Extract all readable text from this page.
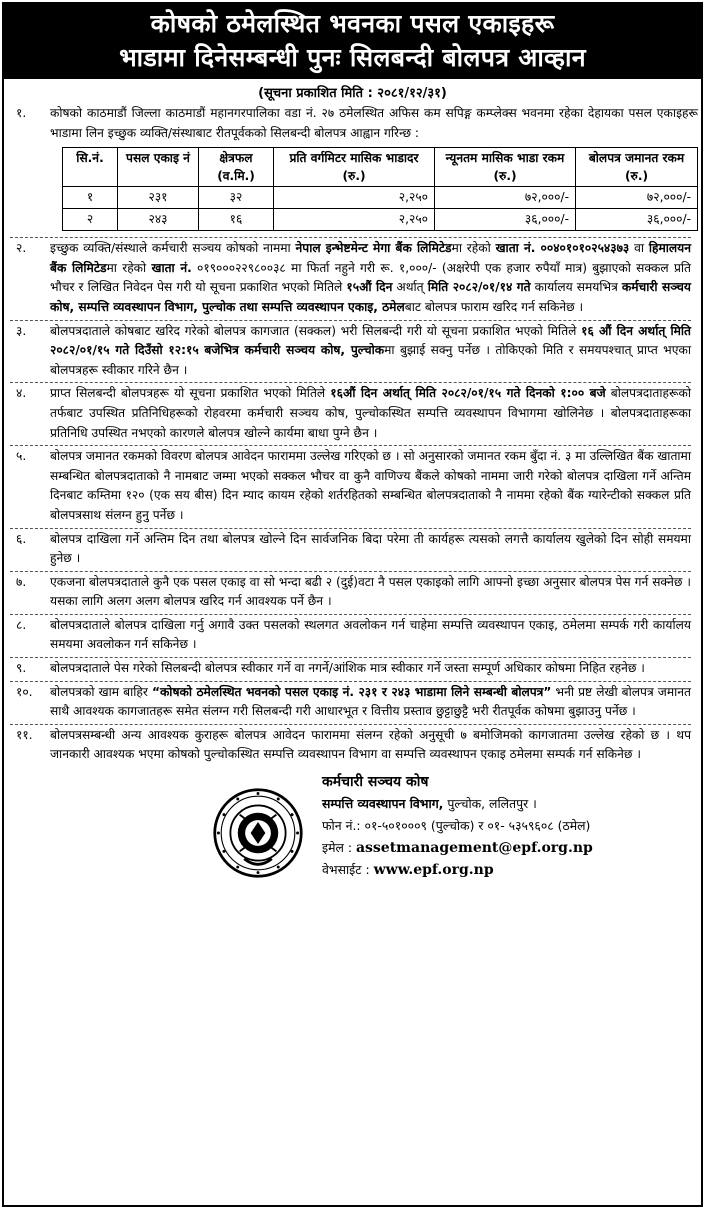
कोषको ठमेलस्थित भवनका पसल एकाइहरू
भाडामा दिनेसम्बन्धी पुनः सिलबन्दी बोलपत्र आव्हान
(सूचना प्रकाशित मिति : २०८१/१२/३१)
१.	कोषको काठमाडौं जिल्ला काठमाडौं महानगरपालिका वडा नं. २७ ठमेलस्थित अफिस कम सपिङ्ग कम्प्लेक्स भवनमा रहेका देहायका पसल एकाइहरू भाडामा लिन इच्छुक व्यक्ति/संस्थाबाट रीतपूर्वकको सिलबन्दी बोलपत्र आह्वान गरिन्छ :
सि.नं.	पसल एकाइ नं	क्षेत्रफल (व.मि.)	प्रति वर्गमिटर मासिक भाडादर (रु.)	न्यूनतम मासिक भाडा रकम (रु.)	बोलपत्र जमानत रकम (रु.)
१	२३१	३२	२,२५०	७२,०००/-	७२,०००/-
२	२४३	१६	२,२५०	३६,०००/-	३६,०००/-
२.	इच्छुक व्यक्ति/संस्थाले कर्मचारी सञ्चय कोषको नाममा नेपाल इन्भेष्टमेन्ट मेगा बैंक लिमिटेडमा रहेको खाता नं. ००४०१०१०२५४३७३ वा हिमालयन बैंक लिमिटेडमा रहेको खाता नं. ०१९०००२२९८००३८ मा फिर्ता नहुने गरी रू. १,०००/- (अक्षरेपी एक हजार रुपैयाँ मात्र) बुझाएको सक्कल प्रति भौचर र लिखित निवेदन पेस गरी यो सूचना प्रकाशित भएको मितिले १५औं दिन अर्थात् मिति २०८२/०१/१४ गते कार्यालय समयभित्र कर्मचारी सञ्चय कोष, सम्पत्ति व्यवस्थापन विभाग, पुल्चोक तथा सम्पत्ति व्यवस्थापन एकाइ, ठमेलबाट बोलपत्र फाराम खरिद गर्न सकिनेछ ।
३.	बोलपत्रदाताले कोषबाट खरिद गरेको बोलपत्र कागजात (सक्कल) भरी सिलबन्दी गरी यो सूचना प्रकाशित भएको मितिले १६ औं दिन अर्थात् मिति २०८२/०१/१५ गते दिउँसो १२:१५ बजेभित्र कर्मचारी सञ्चय कोष, पुल्चोकमा बुझाई सक्नु पर्नेछ । तोकिएको मिति र समयपश्चात् प्राप्त भएका बोलपत्रहरू स्वीकार गरिने छैन ।
४.	प्राप्त सिलबन्दी बोलपत्रहरू यो सूचना प्रकाशित भएको मितिले १६औं दिन अर्थात् मिति २०८२/०१/१५ गते दिनको १:०० बजे बोलपत्रदाताहरूको तर्फबाट उपस्थित प्रतिनिधिहरूको रोहवरमा कर्मचारी सञ्चय कोष, पुल्चोकस्थित सम्पत्ति व्यवस्थापन विभागमा खोलिनेछ । बोलपत्रदाताहरूका प्रतिनिधि उपस्थित नभएको कारणले बोलपत्र खोल्ने कार्यमा बाधा पुग्ने छैन ।
५.	बोलपत्र जमानत रकमको विवरण बोलपत्र आवेदन फाराममा उल्लेख गरिएको छ । सो अनुसारको जमानत रकम बुँदा नं. ३ मा उल्लिखित बैंक खातामा सम्बन्धित बोलपत्रदाताको नै नामबाट जम्मा भएको सक्कल भौचर वा कुनै वाणिज्य बैंकले कोषको नाममा जारी गरेको बोलपत्र दाखिला गर्ने अन्तिम दिनबाट कम्तिमा १२० (एक सय बीस) दिन म्याद कायम रहेको शर्तरहितको सम्बन्धित बोलपत्रदाताको नै नाममा रहेको बैंक ग्यारेन्टीको सक्कल प्रति बोलपत्रसाथ संलग्न हुनु पर्नेछ ।
६.	बोलपत्र दाखिला गर्ने अन्तिम दिन तथा बोलपत्र खोल्ने दिन सार्वजनिक बिदा परेमा ती कार्यहरू त्यसको लगत्तै कार्यालय खुलेको दिन सोही समयमा हुनेछ ।
७.	एकजना बोलपत्रदाताले कुनै एक पसल एकाइ वा सो भन्दा बढी २ (दुई)वटा नै पसल एकाइको लागि आफ्नो इच्छा अनुसार बोलपत्र पेस गर्न सक्नेछ । यसका लागि अलग अलग बोलपत्र खरिद गर्न आवश्यक पर्ने छैन ।
८.	बोलपत्रदाताले बोलपत्र दाखिला गर्नु अगावै उक्त पसलको स्थलगत अवलोकन गर्न चाहेमा सम्पत्ति व्यवस्थापन एकाइ, ठमेलमा सम्पर्क गरी कार्यालय समयमा अवलोकन गर्न सकिनेछ ।
९.	बोलपत्रदाताले पेस गरेको सिलबन्दी बोलपत्र स्वीकार गर्ने वा नगर्ने/आंशिक मात्र स्वीकार गर्ने जस्ता सम्पूर्ण अधिकार कोषमा निहित रहनेछ ।
१०.	बोलपत्रको खाम बाहिर “कोषको ठमेलस्थित भवनको पसल एकाइ नं. २३१ र २४३ भाडामा लिने सम्बन्धी बोलपत्र” भनी प्रष्ट लेखी बोलपत्र जमानत साथै आवश्यक कागजातहरू समेत संलग्न गरी सिलबन्दी गरी आधारभूत र वित्तीय प्रस्ताव छुट्टाछुट्टै भरी रीतपूर्वक कोषमा बुझाउनु पर्नेछ ।
११.	बोलपत्रसम्बन्धी अन्य आवश्यक कुराहरू बोलपत्र आवेदन फाराममा संलग्न रहेको अनुसूची ७ बमोजिमको कागजातमा उल्लेख रहेको छ । थप जानकारी आवश्यक भएमा कोषको पुल्चोकस्थित सम्पत्ति व्यवस्थापन विभाग वा सम्पत्ति व्यवस्थापन एकाइ ठमेलमा सम्पर्क गर्न सकिनेछ ।
कर्मचारी सञ्चय कोष
सम्पत्ति व्यवस्थापन विभाग, पुल्चोक, ललितपुर ।
फोन नं.: ०१-५०१०००९ (पुल्चोक) र ०१- ५३५९६०८ (ठमेल)
इमेल : assetmanagement@epf.org.np
वेभसाईट : www.epf.org.np
